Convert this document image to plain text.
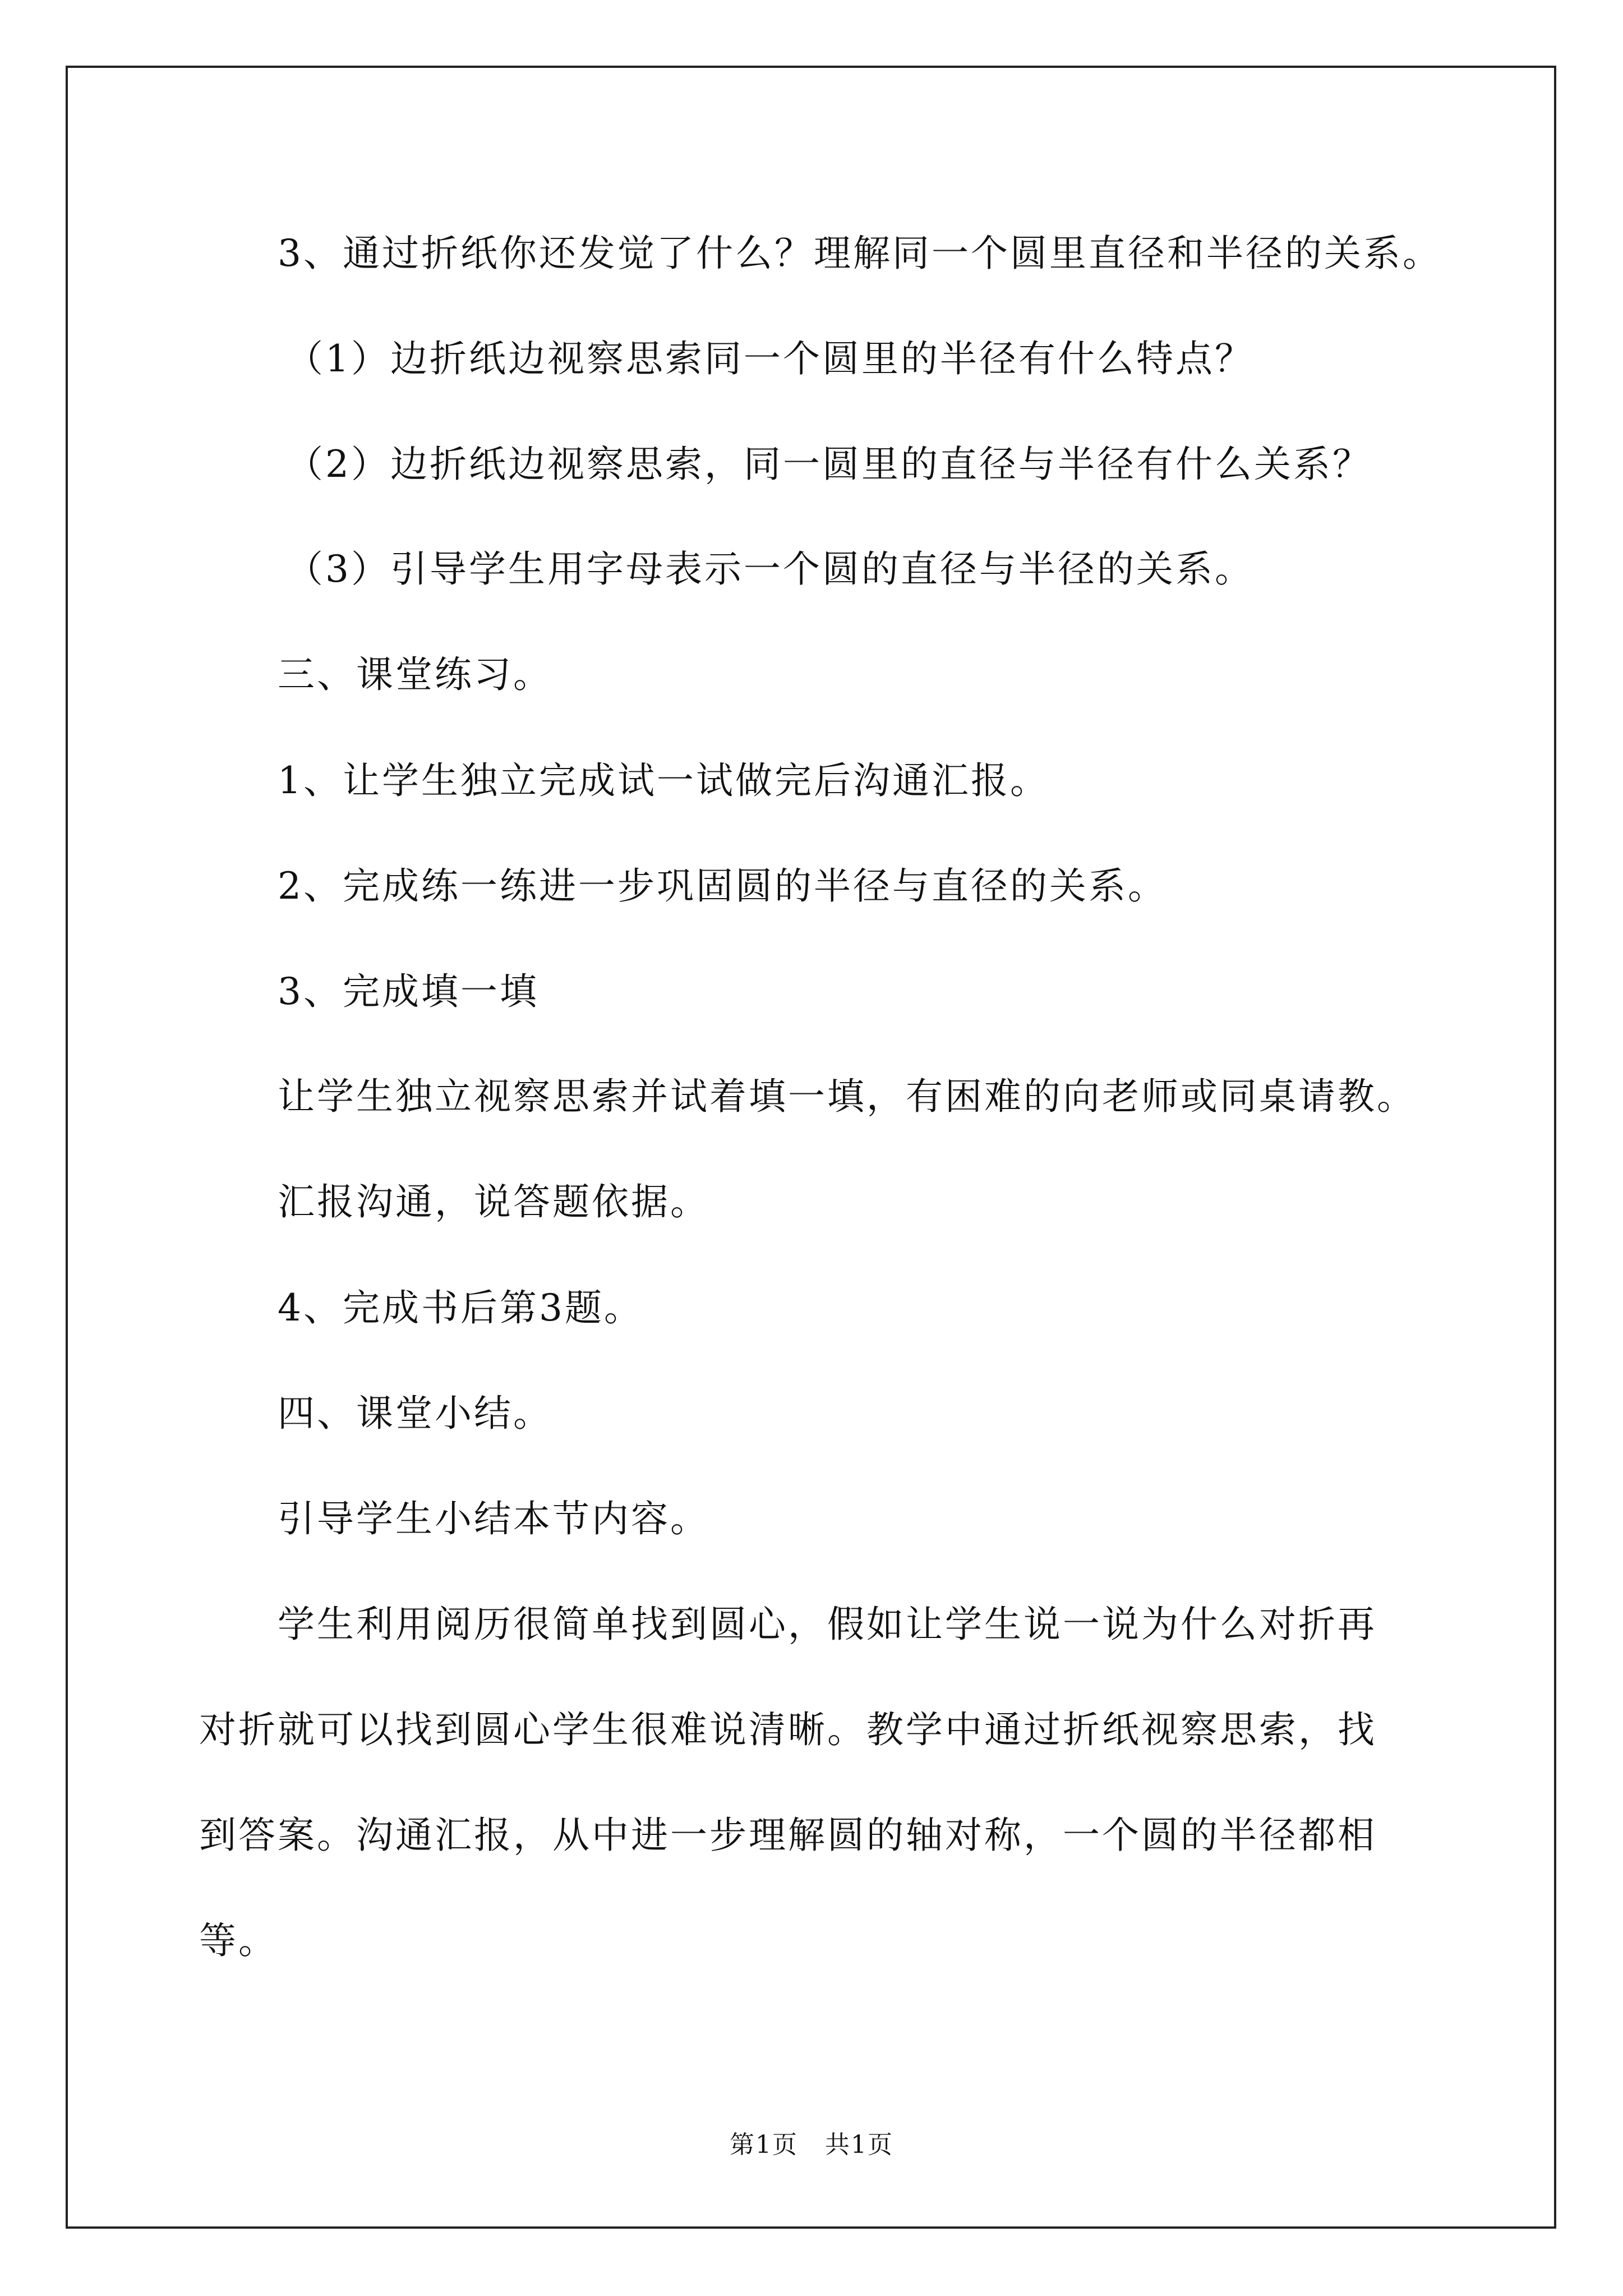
3、通过折纸你还发觉了什么？理解同一个圆里直径和半径的关系。
（1）边折纸边视察思索同一个圆里的半径有什么特点？
（2）边折纸边视察思索，同一圆里的直径与半径有什么关系？
（3）引导学生用字母表示一个圆的直径与半径的关系。
三、课堂练习。
1、让学生独立完成试一试做完后沟通汇报。
2、完成练一练进一步巩固圆的半径与直径的关系。
3、完成填一填
让学生独立视察思索并试着填一填，有困难的向老师或同桌请教。
汇报沟通，说答题依据。
4、完成书后第3题。
四、课堂小结。
引导学生小结本节内容。
学生利用阅历很简单找到圆心，假如让学生说一说为什么对折再
对折就可以找到圆心学生很难说清晰。教学中通过折纸视察思索，找
到答案。沟通汇报，从中进一步理解圆的轴对称，一个圆的半径都相
等。
第1页 共1页
